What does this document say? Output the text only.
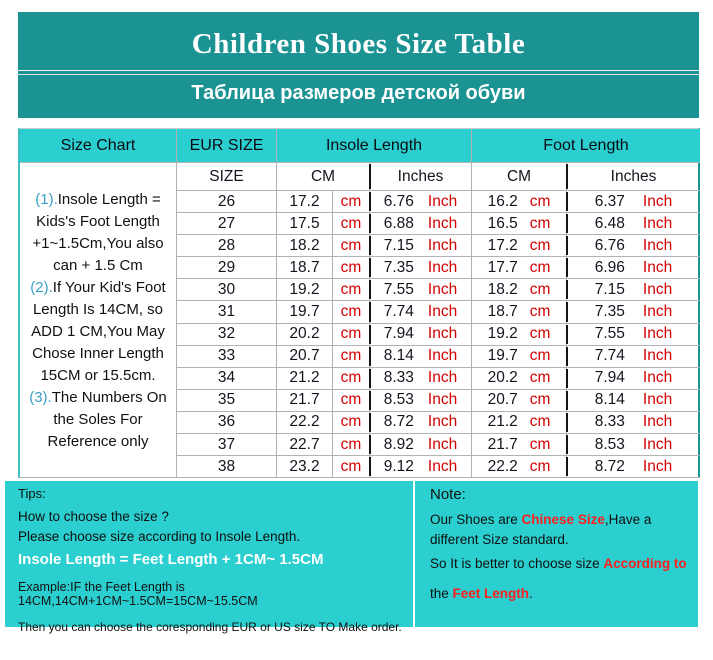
Children Shoes Size Table
Таблица размеров детской обуви
Size Chart	EUR SIZE	Insole Length	Foot Length
(1).Insole Length = Kids's Foot Length +1~1.5Cm,You also can + 1.5 Cm
(2).If Your Kid's Foot Length Is 14CM, so ADD 1 CM,You May Chose Inner Length 15CM or 15.5cm.
(3).The Numbers On the Soles For Reference only
SIZE	CM	Inches	CM	Inches
26	17.2	cm	6.76 Inch 16.2 cm	6.37 Inch
27	17.5	cm	6.88 Inch 16.5 cm	6.48 Inch
28	18.2	cm	7.15 Inch 17.2 cm	6.76 Inch
29	18.7	cm	7.35 Inch 17.7 cm	6.96 Inch
30	19.2	cm	7.55 Inch 18.2 cm	7.15 Inch
31	19.7	cm	7.74 Inch 18.7 cm	7.35 Inch
32	20.2	cm	7.94 Inch 19.2 cm	7.55 Inch
33	20.7	cm	8.14 Inch 19.7 cm	7.74 Inch
34	21.2	cm	8.33 Inch 20.2 cm	7.94 Inch
35	21.7	cm	8.53 Inch 20.7 cm	8.14 Inch
36	22.2	cm	8.72 Inch 21.2 cm	8.33 Inch
37	22.7	cm	8.92 Inch 21.7 cm	8.53 Inch
38	23.2	cm	9.12 Inch 22.2 cm	8.72 Inch
Tips:
How to choose the size ?
Please choose size according to Insole Length.
Insole Length = Feet Length + 1CM~ 1.5CM
Example:IF the Feet Length is 14CM,14CM+1CM~1.5CM=15CM~15.5CM
Then you can choose the coresponding EUR or US size TO Make order.
Note:
Our Shoes are Chinese Size,Have a different Size standard.
So It is better to choose size According to
the Feet Length.
